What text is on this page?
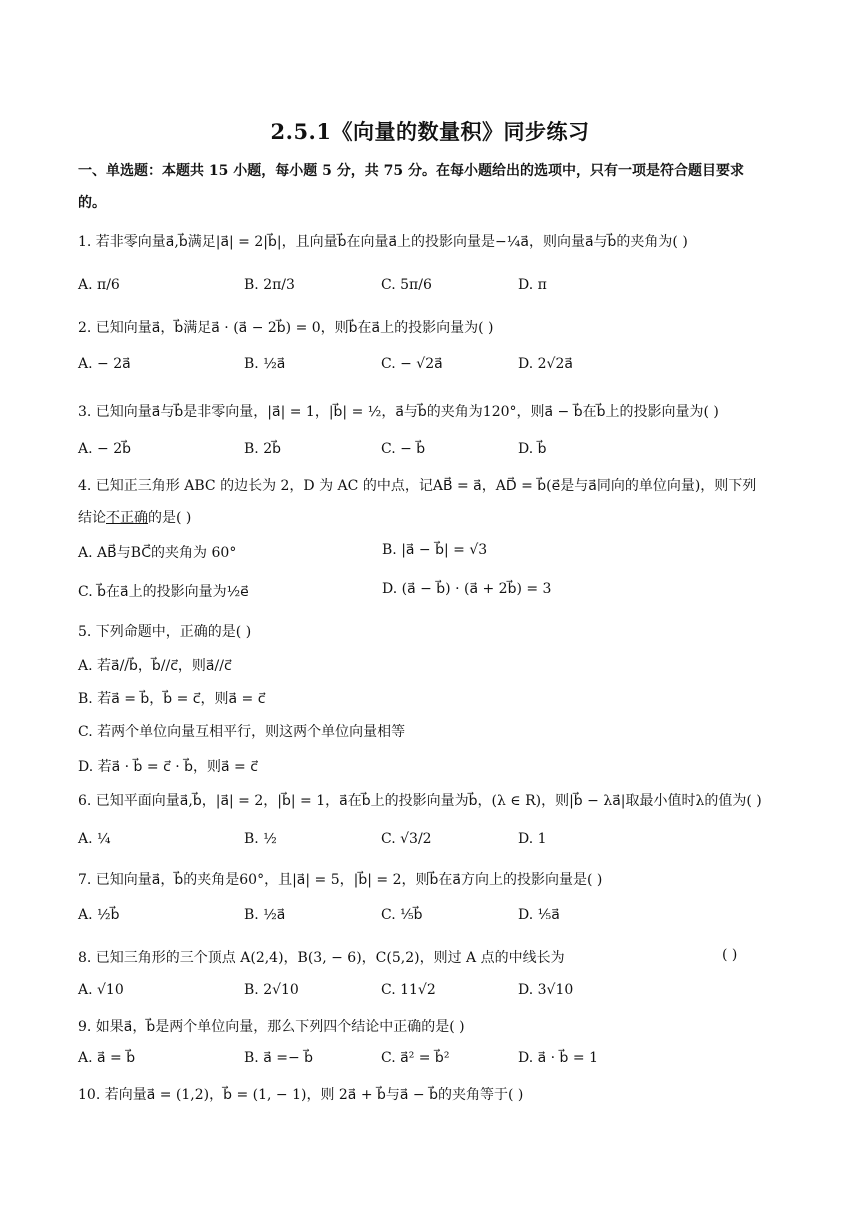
2.5.1《向量的数量积》同步练习
一、单选题：本题共 15 小题，每小题 5 分，共 75 分。在每小题给出的选项中，只有一项是符合题目要求
的。
1. 若非零向量a⃗,b⃗满足|a⃗| = 2|b⃗|，且向量b⃗在向量a⃗上的投影向量是−¼a⃗，则向量a⃗与b⃗的夹角为( )
A. π/6	B. 2π/3	C. 5π/6	D. π
2. 已知向量a⃗，b⃗满足a⃗ · (a⃗ − 2b⃗) = 0，则b⃗在a⃗上的投影向量为( )
A. − 2a⃗	B. ½a⃗	C. − √2a⃗	D. 2√2a⃗
3. 已知向量a⃗与b⃗是非零向量，|a⃗| = 1，|b⃗| = ½，a⃗与b⃗的夹角为120°，则a⃗ − b⃗在b⃗上的投影向量为( )
A. − 2b⃗	B. 2b⃗	C. − b⃗	D. b⃗
4. 已知正三角形 ABC 的边长为 2，D 为 AC 的中点，记AB⃗ = a⃗，AD⃗ = b⃗(e⃗是与a⃗同向的单位向量)，则下列
结论不正确的是( )
A. AB⃗与BC⃗的夹角为 60°	B. |a⃗ − b⃗| = √3
C. b⃗在a⃗上的投影向量为½e⃗	D. (a⃗ − b⃗) · (a⃗ + 2b⃗) = 3
5. 下列命题中，正确的是( )
A. 若a⃗//b⃗，b⃗//c⃗，则a⃗//c⃗
B. 若a⃗ = b⃗，b⃗ = c⃗，则a⃗ = c⃗
C. 若两个单位向量互相平行，则这两个单位向量相等
D. 若a⃗ · b⃗ = c⃗ · b⃗，则a⃗ = c⃗
6. 已知平面向量a⃗,b⃗，|a⃗| = 2，|b⃗| = 1，a⃗在b⃗上的投影向量为b⃗，(λ ∈ R)，则|b⃗ − λa⃗|取最小值时λ的值为( )
A. ¼	B. ½	C. √3/2	D. 1
7. 已知向量a⃗，b⃗的夹角是60°，且|a⃗| = 5，|b⃗| = 2，则b⃗在a⃗方向上的投影向量是( )
A. ½b⃗	B. ½a⃗	C. ⅕b⃗	D. ⅕a⃗
8. 已知三角形的三个顶点 A(2,4)，B(3, − 6)，C(5,2)，则过 A 点的中线长为	( )
A. √10	B. 2√10	C. 11√2	D. 3√10
9. 如果a⃗，b⃗是两个单位向量，那么下列四个结论中正确的是( )
A. a⃗ = b⃗	B. a⃗ =− b⃗	C. a⃗² = b⃗²	D. a⃗ · b⃗ = 1
10. 若向量a⃗ = (1,2)，b⃗ = (1, − 1)，则 2a⃗ + b⃗与a⃗ − b⃗的夹角等于( )
